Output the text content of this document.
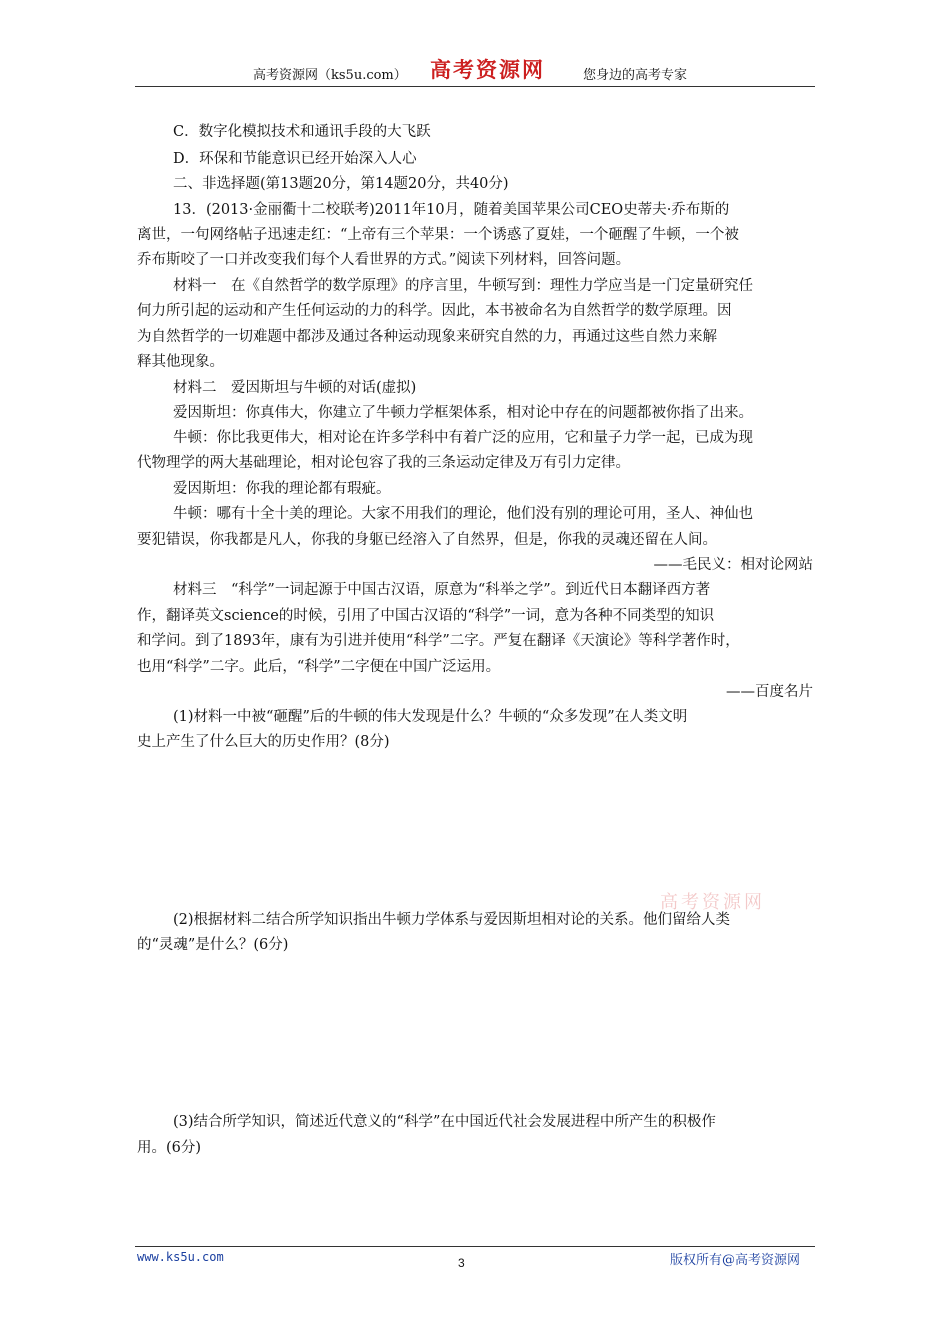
高考资源网（ks5u.com） 高考资源网	您身边的高考专家
C．数字化模拟技术和通讯手段的大飞跃
D．环保和节能意识已经开始深入人心
二、非选择题(第13题20分，第14题20分，共40分)
13．(2013·金丽衢十二校联考)2011年10月，随着美国苹果公司CEO史蒂夫·乔布斯的
离世，一句网络帖子迅速走红：“上帝有三个苹果：一个诱惑了夏娃，一个砸醒了牛顿，一个被
乔布斯咬了一口并改变我们每个人看世界的方式。”阅读下列材料，回答问题。
材料一　在《自然哲学的数学原理》的序言里，牛顿写到：理性力学应当是一门定量研究任
何力所引起的运动和产生任何运动的力的科学。因此，本书被命名为自然哲学的数学原理。因
为自然哲学的一切难题中都涉及通过各种运动现象来研究自然的力，再通过这些自然力来解
释其他现象。
材料二　爱因斯坦与牛顿的对话(虚拟)
爱因斯坦：你真伟大，你建立了牛顿力学框架体系，相对论中存在的问题都被你指了出来。
牛顿：你比我更伟大，相对论在许多学科中有着广泛的应用，它和量子力学一起，已成为现
代物理学的两大基础理论，相对论包容了我的三条运动定律及万有引力定律。
爱因斯坦：你我的理论都有瑕疵。
牛顿：哪有十全十美的理论。大家不用我们的理论，他们没有别的理论可用，圣人、神仙也
要犯错误，你我都是凡人，你我的身躯已经溶入了自然界，但是，你我的灵魂还留在人间。
——毛民义：相对论网站
材料三　“科学”一词起源于中国古汉语，原意为“科举之学”。到近代日本翻译西方著
作，翻译英文science的时候，引用了中国古汉语的“科学”一词，意为各种不同类型的知识
和学问。到了1893年，康有为引进并使用“科学”二字。严复在翻译《天演论》等科学著作时，
也用“科学”二字。此后，“科学”二字便在中国广泛运用。
——百度名片
(1)材料一中被“砸醒”后的牛顿的伟大发现是什么？牛顿的“众多发现”在人类文明
史上产生了什么巨大的历史作用？(8分)
高考资源网
(2)根据材料二结合所学知识指出牛顿力学体系与爱因斯坦相对论的关系。他们留给人类
的“灵魂”是什么？(6分)
(3)结合所学知识，简述近代意义的“科学”在中国近代社会发展进程中所产生的积极作
用。(6分)
www.ks5u.com	3	版权所有@高考资源网
